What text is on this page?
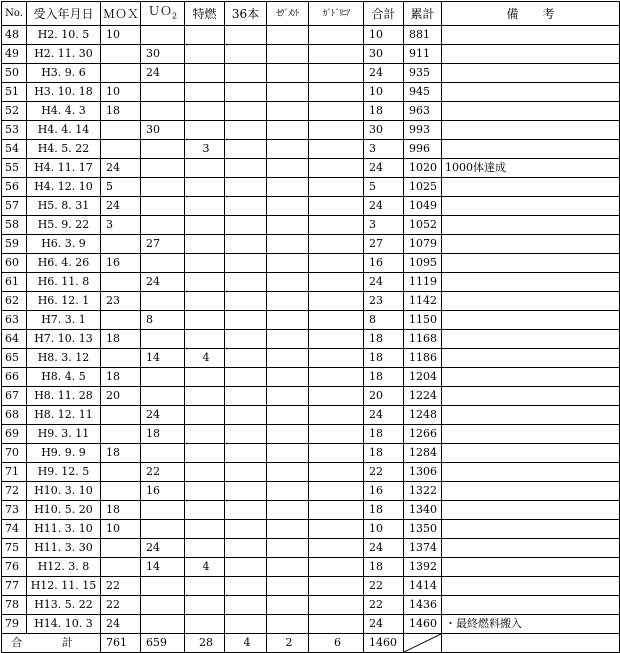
No.	受入年月日	ＭＯＸ	ＵＯ$_2$	特燃	36本	ｾｸﾞﾒﾝﾄ	ｶﾞﾄﾞﾘﾆｱ	合計	累計	備　　考
48	H2. 10. 5	10						10	881	
49	H2. 11. 30		30					30	911	
50	H3. 9. 6		24					24	935	
51	H3. 10. 18	10						10	945	
52	H4. 4. 3	18						18	963	
53	H4. 4. 14		30					30	993	
54	H4. 5. 22			3				3	996	
55	H4. 11. 17	24						24	1020	1000体達成
56	H4. 12. 10	5						5	1025	
57	H5. 8. 31	24						24	1049	
58	H5. 9. 22	3						3	1052	
59	H6. 3. 9		27					27	1079	
60	H6. 4. 26	16						16	1095	
61	H6. 11. 8		24					24	1119	
62	H6. 12. 1	23						23	1142	
63	H7. 3. 1		8					8	1150	
64	H7. 10. 13	18						18	1168	
65	H8. 3. 12		14	4				18	1186	
66	H8. 4. 5	18						18	1204	
67	H8. 11. 28	20						20	1224	
68	H8. 12. 11		24					24	1248	
69	H9. 3. 11		18					18	1266	
70	H9. 9. 9	18						18	1284	
71	H9. 12. 5		22					22	1306	
72	H10. 3. 10		16					16	1322	
73	H10. 5. 20	18						18	1340	
74	H11. 3. 10	10						10	1350	
75	H11. 3. 30		24					24	1374	
76	H12. 3. 8		14	4				18	1392	
77	H12. 11. 15	22						22	1414	
78	H13. 5. 22	22						22	1436	
79	H14. 10. 3	24						24	1460	・最終燃料搬入
合 計		761	659	28	4	2	6	1460	
